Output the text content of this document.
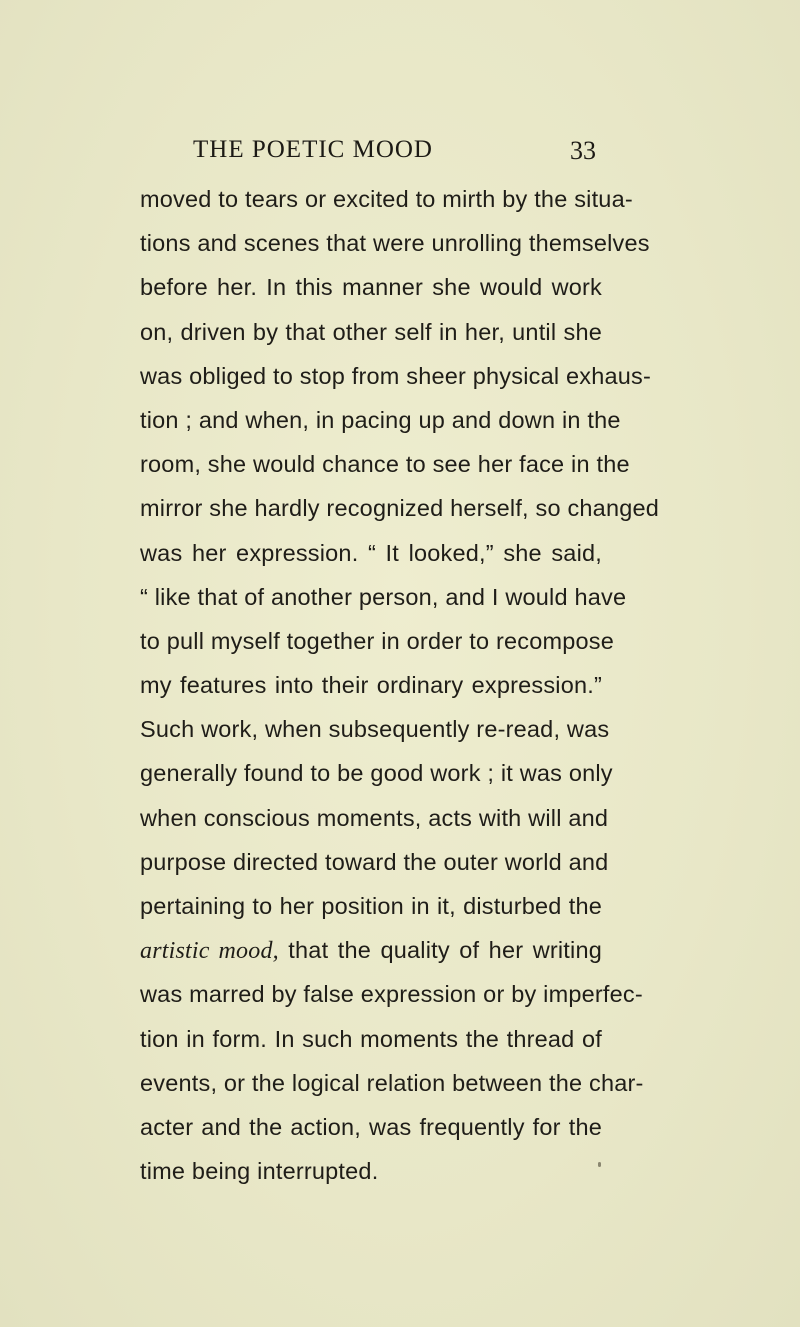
THE POETIC MOOD	33
moved to tears or excited to mirth by the situa-
tions and scenes that were unrolling themselves
before her. In this manner she would work
on, driven by that other self in her, until she
was obliged to stop from sheer physical exhaus-
tion ; and when, in pacing up and down in the
room, she would chance to see her face in the
mirror she hardly recognized herself, so changed
was her expression. “ It looked,” she said,
“ like that of another person, and I would have
to pull myself together in order to recompose
my features into their ordinary expression.”
Such work, when subsequently re-read, was
generally found to be good work ; it was only
when conscious moments, acts with will and
purpose directed toward the outer world and
pertaining to her position in it, disturbed the
artistic mood, that the quality of her writing
was marred by false expression or by imperfec-
tion in form. In such moments the thread of
events, or the logical relation between the char-
acter and the action, was frequently for the
time being interrupted.
